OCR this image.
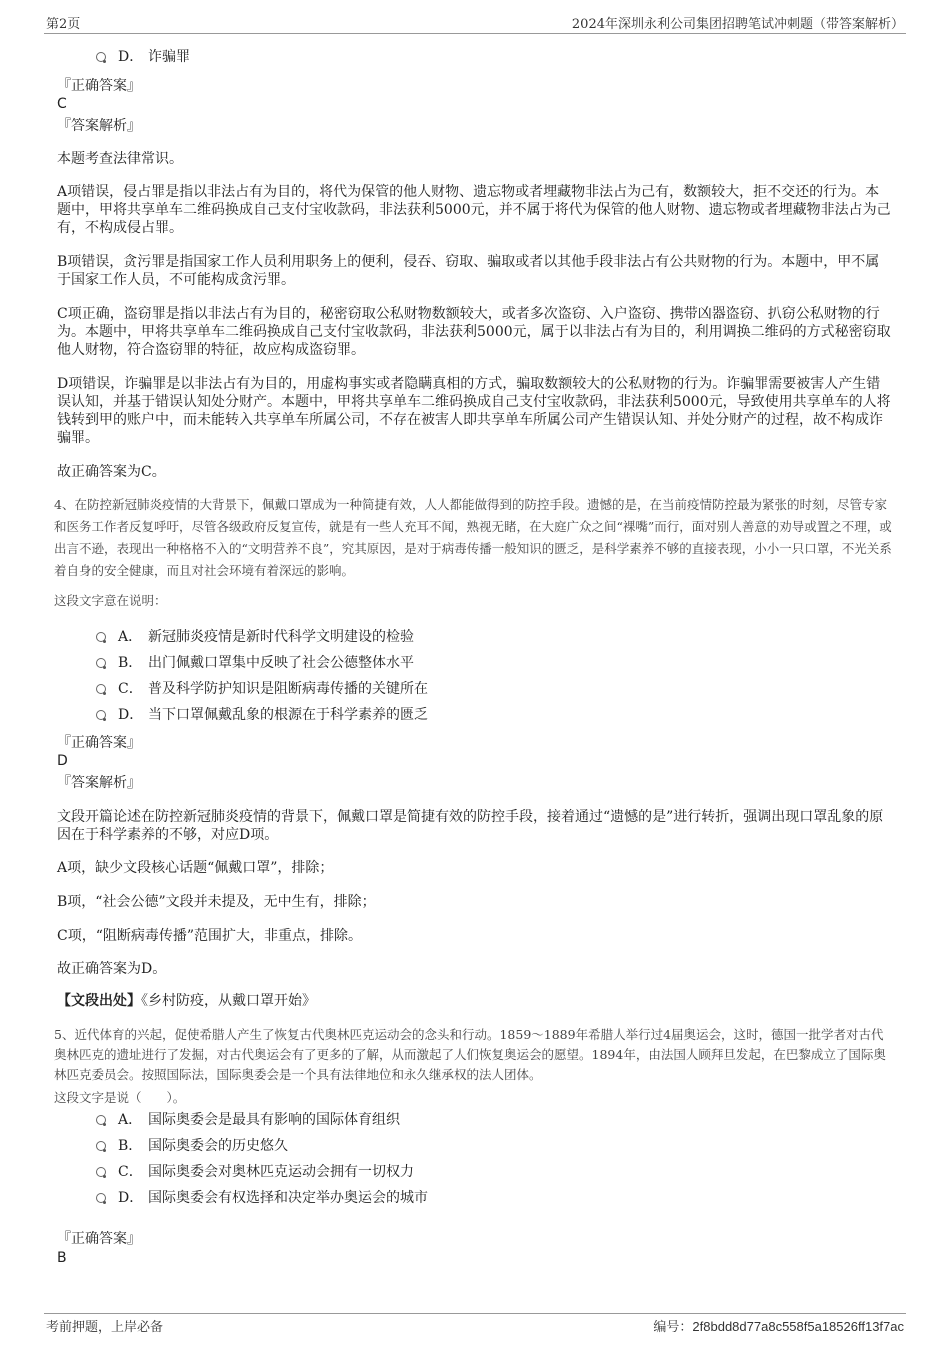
第2页	2024年深圳永利公司集团招聘笔试冲刺题（带答案解析）
D． 诈骗罪
『正确答案』
C
『答案解析』
本题考查法律常识。
A项错误，侵占罪是指以非法占有为目的，将代为保管的他人财物、遗忘物或者埋藏物非法占为己有，数额较大，拒不交还的行为。本题中，甲将共享单车二维码换成自己支付宝收款码，非法获利5000元，并不属于将代为保管的他人财物、遗忘物或者埋藏物非法占为己有，不构成侵占罪。
B项错误，贪污罪是指国家工作人员利用职务上的便利，侵吞、窃取、骗取或者以其他手段非法占有公共财物的行为。本题中，甲不属于国家工作人员，不可能构成贪污罪。
C项正确，盗窃罪是指以非法占有为目的，秘密窃取公私财物数额较大，或者多次盗窃、入户盗窃、携带凶器盗窃、扒窃公私财物的行为。本题中，甲将共享单车二维码换成自己支付宝收款码，非法获利5000元，属于以非法占有为目的，利用调换二维码的方式秘密窃取他人财物，符合盗窃罪的特征，故应构成盗窃罪。
D项错误，诈骗罪是以非法占有为目的，用虚构事实或者隐瞒真相的方式，骗取数额较大的公私财物的行为。诈骗罪需要被害人产生错误认知，并基于错误认知处分财产。本题中，甲将共享单车二维码换成自己支付宝收款码，非法获利5000元，导致使用共享单车的人将钱转到甲的账户中，而未能转入共享单车所属公司，不存在被害人即共享单车所属公司产生错误认知、并处分财产的过程，故不构成诈骗罪。
故正确答案为C。
4、在防控新冠肺炎疫情的大背景下，佩戴口罩成为一种简捷有效，人人都能做得到的防控手段。遗憾的是，在当前疫情防控最为紧张的时刻，尽管专家和医务工作者反复呼吁，尽管各级政府反复宣传，就是有一些人充耳不闻，熟视无睹，在大庭广众之间“裸嘴”而行，面对别人善意的劝导或置之不理，或出言不逊，表现出一种格格不入的“文明营养不良”，究其原因，是对于病毒传播一般知识的匮乏，是科学素养不够的直接表现，小小一只口罩，不光关系着自身的安全健康，而且对社会环境有着深远的影响。
这段文字意在说明：
A． 新冠肺炎疫情是新时代科学文明建设的检验
B． 出门佩戴口罩集中反映了社会公德整体水平
C． 普及科学防护知识是阻断病毒传播的关键所在
D． 当下口罩佩戴乱象的根源在于科学素养的匮乏
『正确答案』
D
『答案解析』
文段开篇论述在防控新冠肺炎疫情的背景下，佩戴口罩是简捷有效的防控手段，接着通过“遗憾的是”进行转折，强调出现口罩乱象的原因在于科学素养的不够，对应D项。
A项，缺少文段核心话题“佩戴口罩”，排除；
B项，“社会公德”文段并未提及，无中生有，排除；
C项，“阻断病毒传播”范围扩大，非重点，排除。
故正确答案为D。
【文段出处】《乡村防疫，从戴口罩开始》
5、近代体育的兴起，促使希腊人产生了恢复古代奥林匹克运动会的念头和行动。1859～1889年希腊人举行过4届奥运会，这时，德国一批学者对古代奥林匹克的遗址进行了发掘，对古代奥运会有了更多的了解，从而激起了人们恢复奥运会的愿望。1894年，由法国人顾拜旦发起，在巴黎成立了国际奥林匹克委员会。按照国际法，国际奥委会是一个具有法律地位和永久继承权的法人团体。
这段文字是说（　　）。
A． 国际奥委会是最具有影响的国际体育组织
B． 国际奥委会的历史悠久
C． 国际奥委会对奥林匹克运动会拥有一切权力
D． 国际奥委会有权选择和决定举办奥运会的城市
『正确答案』
B
考前押题，上岸必备	编号：2f8bdd8d77a8c558f5a18526ff13f7ac
